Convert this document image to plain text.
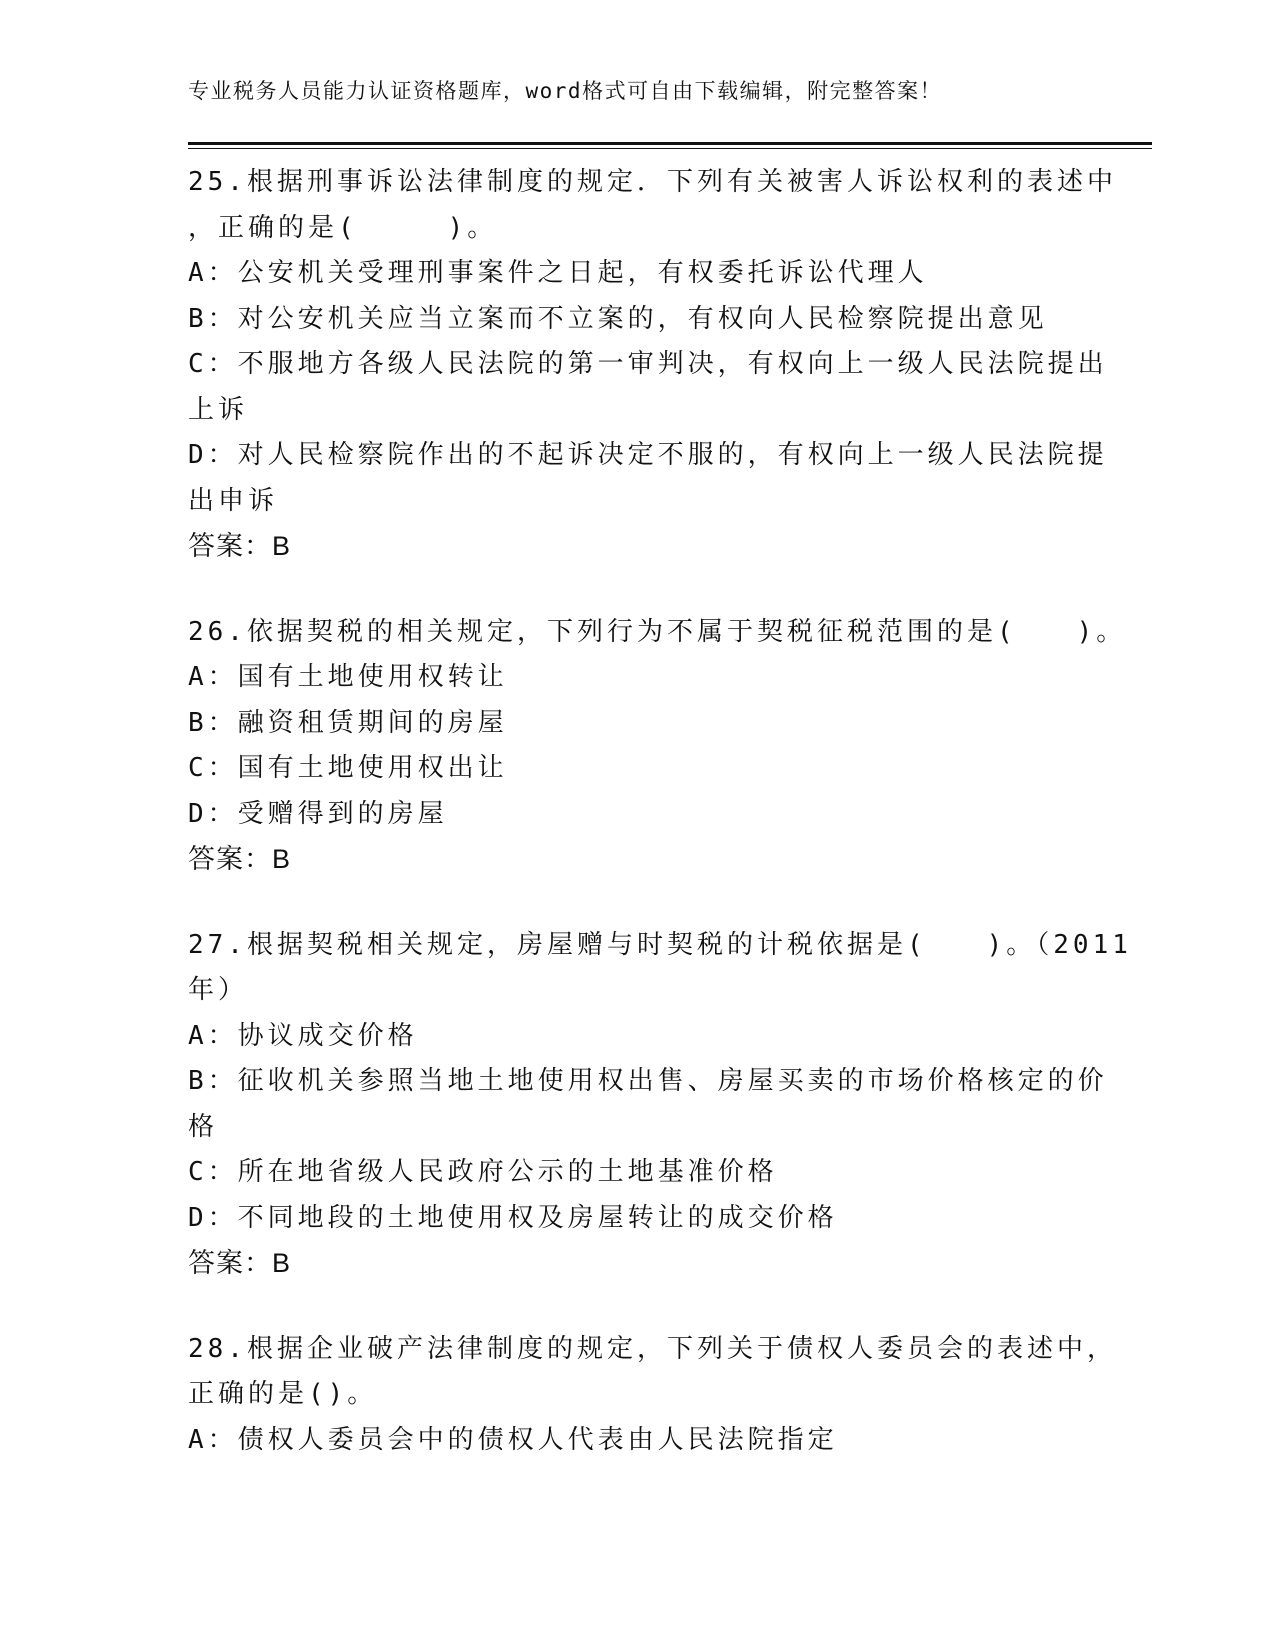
专业税务人员能力认证资格题库，word格式可自由下载编辑，附完整答案！
25.根据刑事诉讼法律制度的规定．下列有关被害人诉讼权利的表述中
，正确的是(　　　)。
A：公安机关受理刑事案件之日起，有权委托诉讼代理人
B：对公安机关应当立案而不立案的，有权向人民检察院提出意见
C：不服地方各级人民法院的第一审判决，有权向上一级人民法院提出
上诉
D：对人民检察院作出的不起诉决定不服的，有权向上一级人民法院提
出申诉
答案：B
26.依据契税的相关规定，下列行为不属于契税征税范围的是(　　)。
A：国有土地使用权转让
B：融资租赁期间的房屋
C：国有土地使用权出让
D：受赠得到的房屋
答案：B
27.根据契税相关规定，房屋赠与时契税的计税依据是(　　)。（2011
年）
A：协议成交价格
B：征收机关参照当地土地使用权出售、房屋买卖的市场价格核定的价
格
C：所在地省级人民政府公示的土地基准价格
D：不同地段的土地使用权及房屋转让的成交价格
答案：B
28.根据企业破产法律制度的规定，下列关于债权人委员会的表述中，
正确的是()。
A：债权人委员会中的债权人代表由人民法院指定
